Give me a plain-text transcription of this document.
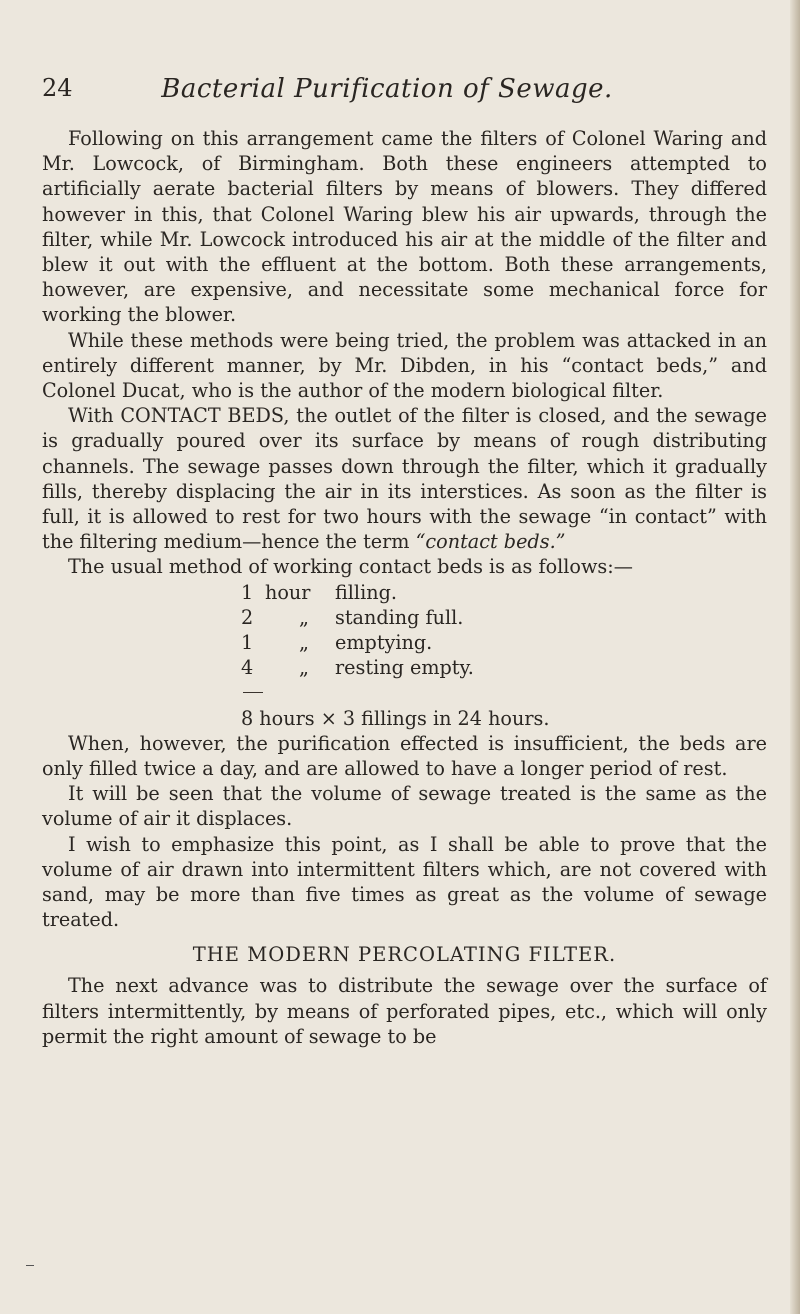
24	Bacterial Purification of Sewage.

Following on this arrangement came the filters of Colonel Waring and Mr. Lowcock, of Birmingham. Both these engineers attempted to artificially aerate bacterial filters by means of blowers. They differed however in this, that Colonel Waring blew his air upwards, through the filter, while Mr. Lowcock introduced his air at the middle of the filter and blew it out with the effluent at the bottom. Both these arrangements, however, are expensive, and necessitate some mechanical force for working the blower.

While these methods were being tried, the problem was attacked in an entirely different manner, by Mr. Dibden, in his “contact beds,” and Colonel Ducat, who is the author of the modern biological filter.

With CONTACT BEDS, the outlet of the filter is closed, and the sewage is gradually poured over its surface by means of rough distributing channels. The sewage passes down through the filter, which it gradually fills, thereby displacing the air in its interstices. As soon as the filter is full, it is allowed to rest for two hours with the sewage “in contact” with the filtering medium—hence the term “contact beds.”

The usual method of working contact beds is as follows:—

1 hour filling.
2 „ standing full.
1 „ emptying.
4 „ resting empty.
8 hours × 3 fillings in 24 hours.

When, however, the purification effected is insufficient, the beds are only filled twice a day, and are allowed to have a longer period of rest.

It will be seen that the volume of sewage treated is the same as the volume of air it displaces.

I wish to emphasize this point, as I shall be able to prove that the volume of air drawn into intermittent filters which, are not covered with sand, may be more than five times as great as the volume of sewage treated.

THE MODERN PERCOLATING FILTER.

The next advance was to distribute the sewage over the surface of filters intermittently, by means of perforated pipes, etc., which will only permit the right amount of sewage to be
